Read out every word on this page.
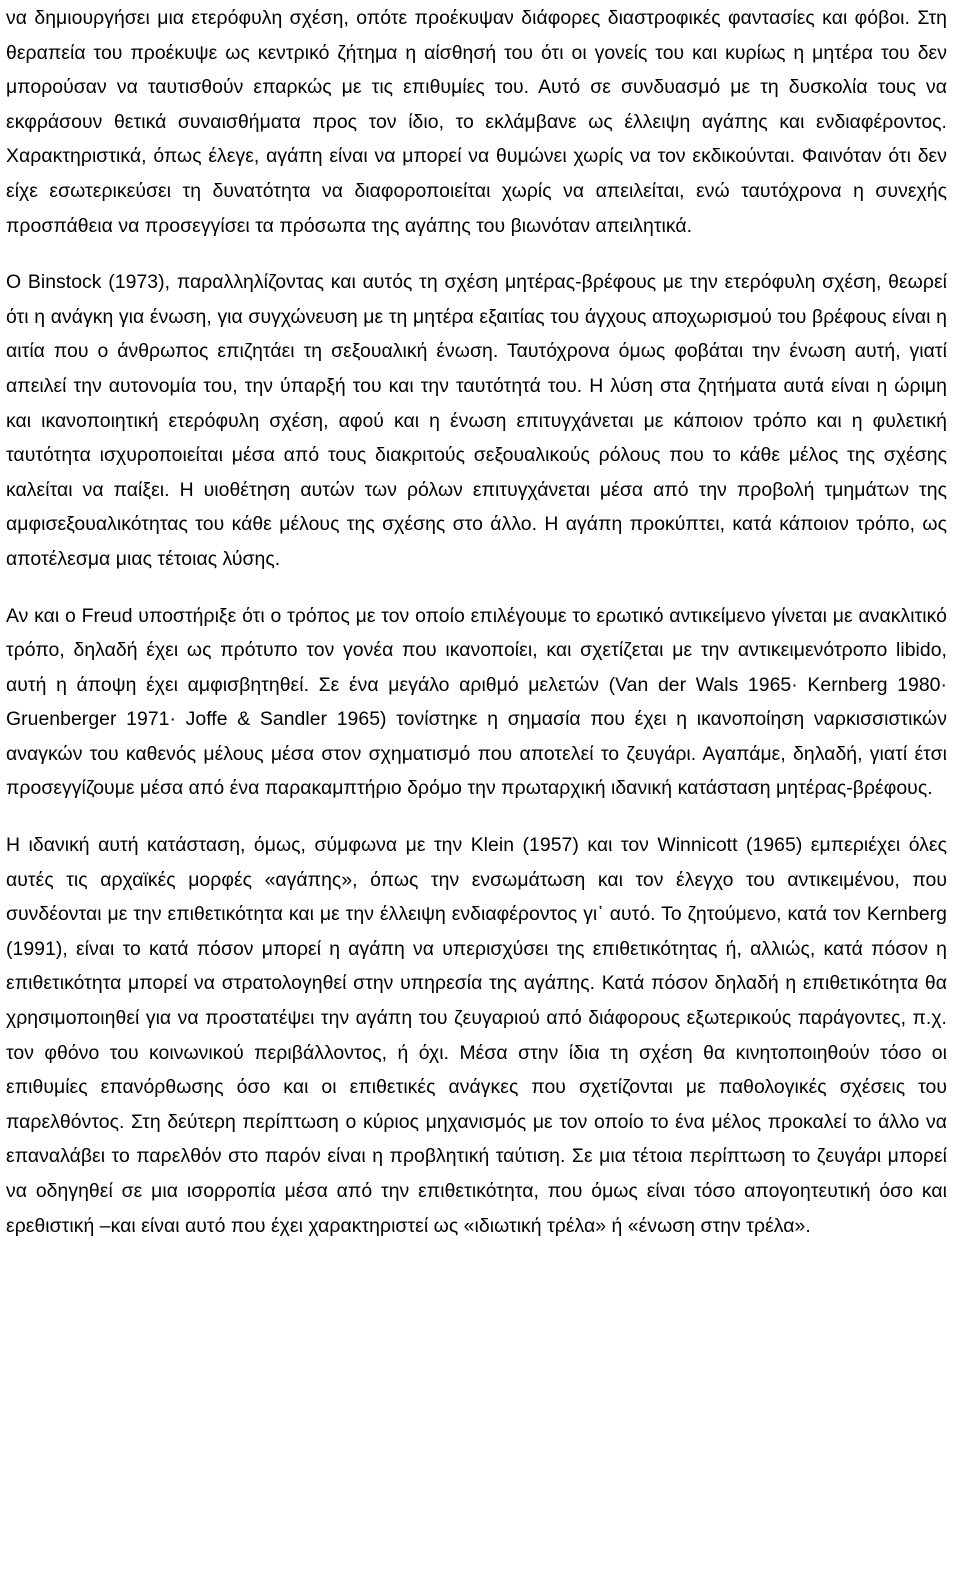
να δημιουργήσει μια ετερόφυλη σχέση, οπότε προέκυψαν διάφορες διαστροφικές φαντασίες και φόβοι. Στη θεραπεία του προέκυψε ως κεντρικό ζήτημα η αίσθησή του ότι οι γονείς του και κυρίως η μητέρα του δεν μπορούσαν να ταυτισθούν επαρκώς με τις επιθυμίες του. Αυτό σε συνδυασμό με τη δυσκολία τους να εκφράσουν θετικά συναισθήματα προς τον ίδιο, το εκλάμβανε ως έλλειψη αγάπης και ενδιαφέροντος. Χαρακτηριστικά, όπως έλεγε, αγάπη είναι να μπορεί να θυμώνει χωρίς να τον εκδικούνται. Φαινόταν ότι δεν είχε εσωτερικεύσει τη δυνατότητα να διαφοροποιείται χωρίς να απειλείται, ενώ ταυτόχρονα η συνεχής προσπάθεια να προσεγγίσει τα πρόσωπα της αγάπης του βιωνόταν απειλητικά.

Ο Binstock (1973), παραλληλίζοντας και αυτός τη σχέση μητέρας-βρέφους με την ετερόφυλη σχέση, θεωρεί ότι η ανάγκη για ένωση, για συγχώνευση με τη μητέρα εξαιτίας του άγχους αποχωρισμού του βρέφους είναι η αιτία που ο άνθρωπος επιζητάει τη σεξουαλική ένωση. Ταυτόχρονα όμως φοβάται την ένωση αυτή, γιατί απειλεί την αυτονομία του, την ύπαρξή του και την ταυτότητά του. Η λύση στα ζητήματα αυτά είναι η ώριμη και ικανοποιητική ετερόφυλη σχέση, αφού και η ένωση επιτυγχάνεται με κάποιον τρόπο και η φυλετική ταυτότητα ισχυροποιείται μέσα από τους διακριτούς σεξουαλικούς ρόλους που το κάθε μέλος της σχέσης καλείται να παίξει. Η υιοθέτηση αυτών των ρόλων επιτυγχάνεται μέσα από την προβολή τμημάτων της αμφισεξουαλικότητας του κάθε μέλους της σχέσης στο άλλο. Η αγάπη προκύπτει, κατά κάποιον τρόπο, ως αποτέλεσμα μιας τέτοιας λύσης.

Αν και ο Freud υποστήριξε ότι ο τρόπος με τον οποίο επιλέγουμε το ερωτικό αντικείμενο γίνεται με ανακλιτικό τρόπο, δηλαδή έχει ως πρότυπο τον γονέα που ικανοποίει, και σχετίζεται με την αντικειμενότροπο libido, αυτή η άποψη έχει αμφισβητηθεί. Σε ένα μεγάλο αριθμό μελετών (Van der Wals 1965· Kernberg 1980· Gruenberger 1971· Joffe & Sandler 1965) τονίστηκε η σημασία που έχει η ικανοποίηση ναρκισσιστικών αναγκών του καθενός μέλους μέσα στον σχηματισμό που αποτελεί το ζευγάρι. Αγαπάμε, δηλαδή, γιατί έτσι προσεγγίζουμε μέσα από ένα παρακαμπτήριο δρόμο την πρωταρχική ιδανική κατάσταση μητέρας-βρέφους.

Η ιδανική αυτή κατάσταση, όμως, σύμφωνα με την Klein (1957) και τον Winnicott (1965) εμπεριέχει όλες αυτές τις αρχαϊκές μορφές «αγάπης», όπως την ενσωμάτωση και τον έλεγχο του αντικειμένου, που συνδέονται με την επιθετικότητα και με την έλλειψη ενδιαφέροντος γι᾽ αυτό. Το ζητούμενο, κατά τον Kernberg (1991), είναι το κατά πόσον μπορεί η αγάπη να υπερισχύσει της επιθετικότητας ή, αλλιώς, κατά πόσον η επιθετικότητα μπορεί να στρατολογηθεί στην υπηρεσία της αγάπης. Κατά πόσον δηλαδή η επιθετικότητα θα χρησιμοποιηθεί για να προστατέψει την αγάπη του ζευγαριού από διάφορους εξωτερικούς παράγοντες, π.χ. τον φθόνο του κοινωνικού περιβάλλοντος, ή όχι. Μέσα στην ίδια τη σχέση θα κινητοποιηθούν τόσο οι επιθυμίες επανόρθωσης όσο και οι επιθετικές ανάγκες που σχετίζονται με παθολογικές σχέσεις του παρελθόντος. Στη δεύτερη περίπτωση ο κύριος μηχανισμός με τον οποίο το ένα μέλος προκαλεί το άλλο να επαναλάβει το παρελθόν στο παρόν είναι η προβλητική ταύτιση. Σε μια τέτοια περίπτωση το ζευγάρι μπορεί να οδηγηθεί σε μια ισορροπία μέσα από την επιθετικότητα, που όμως είναι τόσο απογοητευτική όσο και ερεθιστική –και είναι αυτό που έχει χαρακτηριστεί ως «ιδιωτική τρέλα» ή «ένωση στην τρέλα».
